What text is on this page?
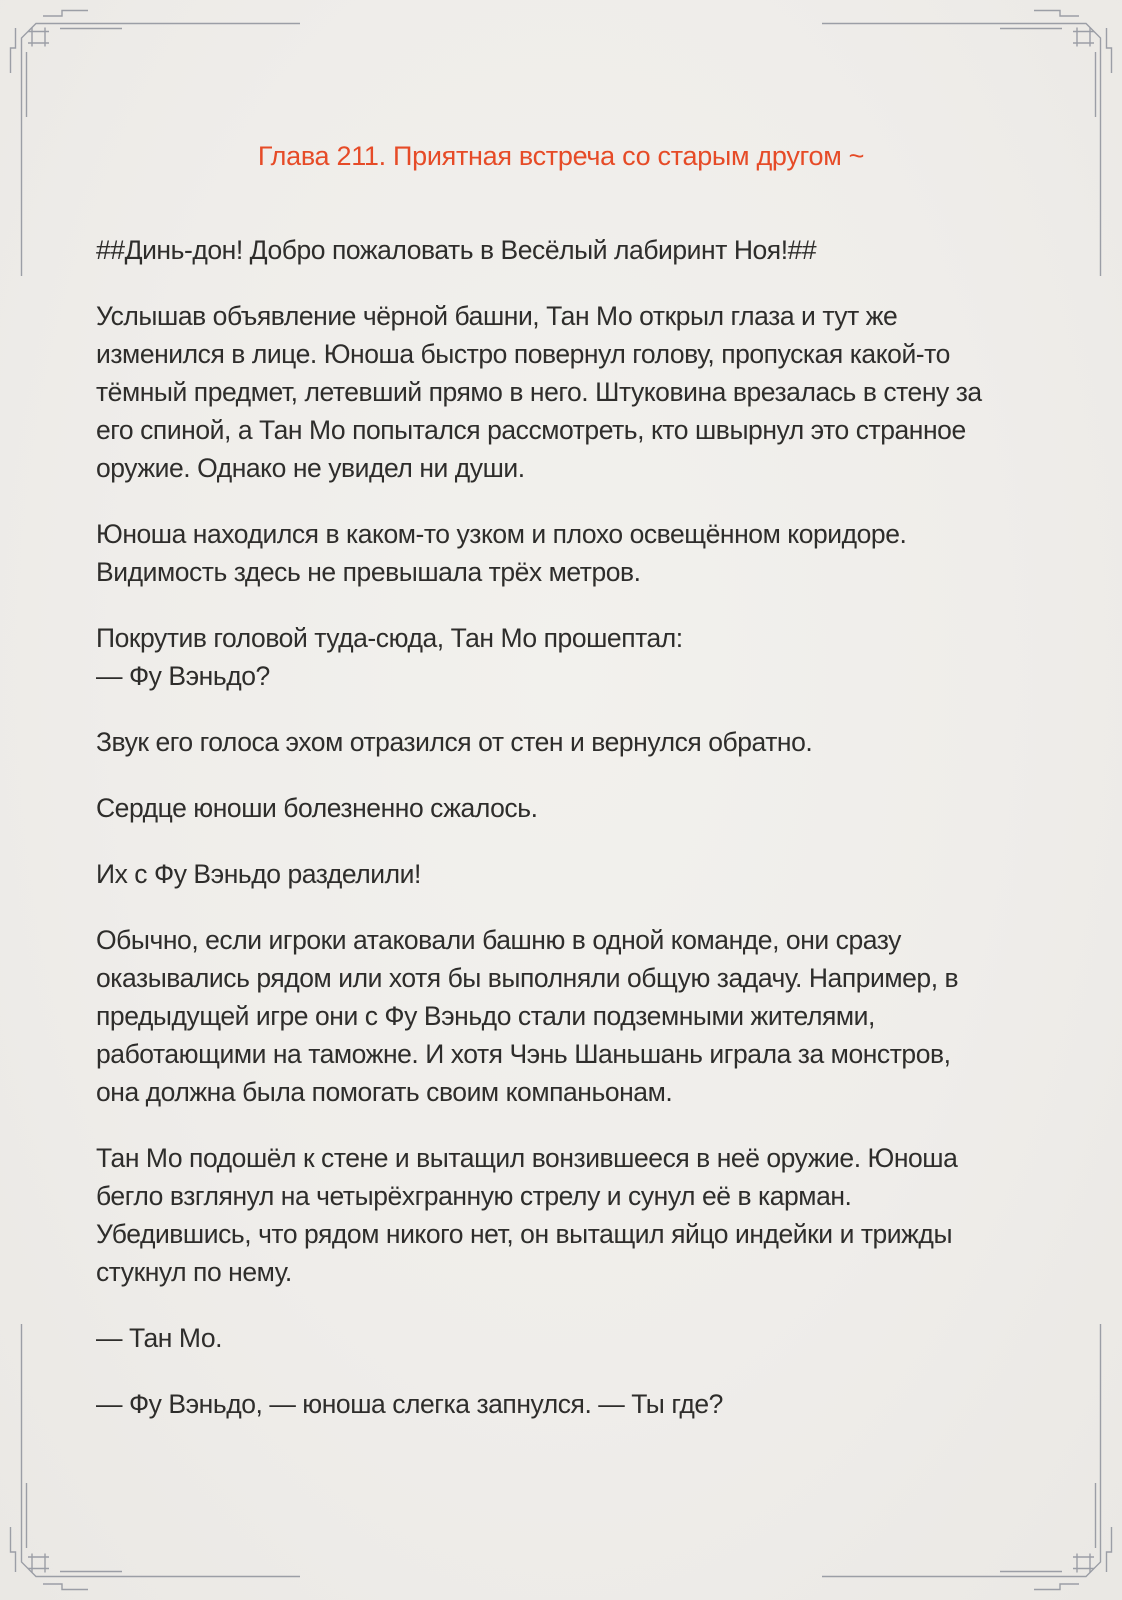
Глава 211. Приятная встреча со старым другом ~

##Динь-дон! Добро пожаловать в Весёлый лабиринт Ноя!##

Услышав объявление чёрной башни, Тан Мо открыл глаза и тут же
изменился в лице. Юноша быстро повернул голову, пропуская какой-то
тёмный предмет, летевший прямо в него. Штуковина врезалась в стену за
его спиной, а Тан Мо попытался рассмотреть, кто швырнул это странное
оружие. Однако не увидел ни души.

Юноша находился в каком-то узком и плохо освещённом коридоре.
Видимость здесь не превышала трёх метров.

Покрутив головой туда-сюда, Тан Мо прошептал:
— Фу Вэньдо?

Звук его голоса эхом отразился от стен и вернулся обратно.

Сердце юноши болезненно сжалось.

Их с Фу Вэньдо разделили!

Обычно, если игроки атаковали башню в одной команде, они сразу
оказывались рядом или хотя бы выполняли общую задачу. Например, в
предыдущей игре они с Фу Вэньдо стали подземными жителями,
работающими на таможне. И хотя Чэнь Шаньшань играла за монстров,
она должна была помогать своим компаньонам.

Тан Мо подошёл к стене и вытащил вонзившееся в неё оружие. Юноша
бегло взглянул на четырёхгранную стрелу и сунул её в карман.
Убедившись, что рядом никого нет, он вытащил яйцо индейки и трижды
стукнул по нему.

— Тан Мо.

— Фу Вэньдо, — юноша слегка запнулся. — Ты где?
